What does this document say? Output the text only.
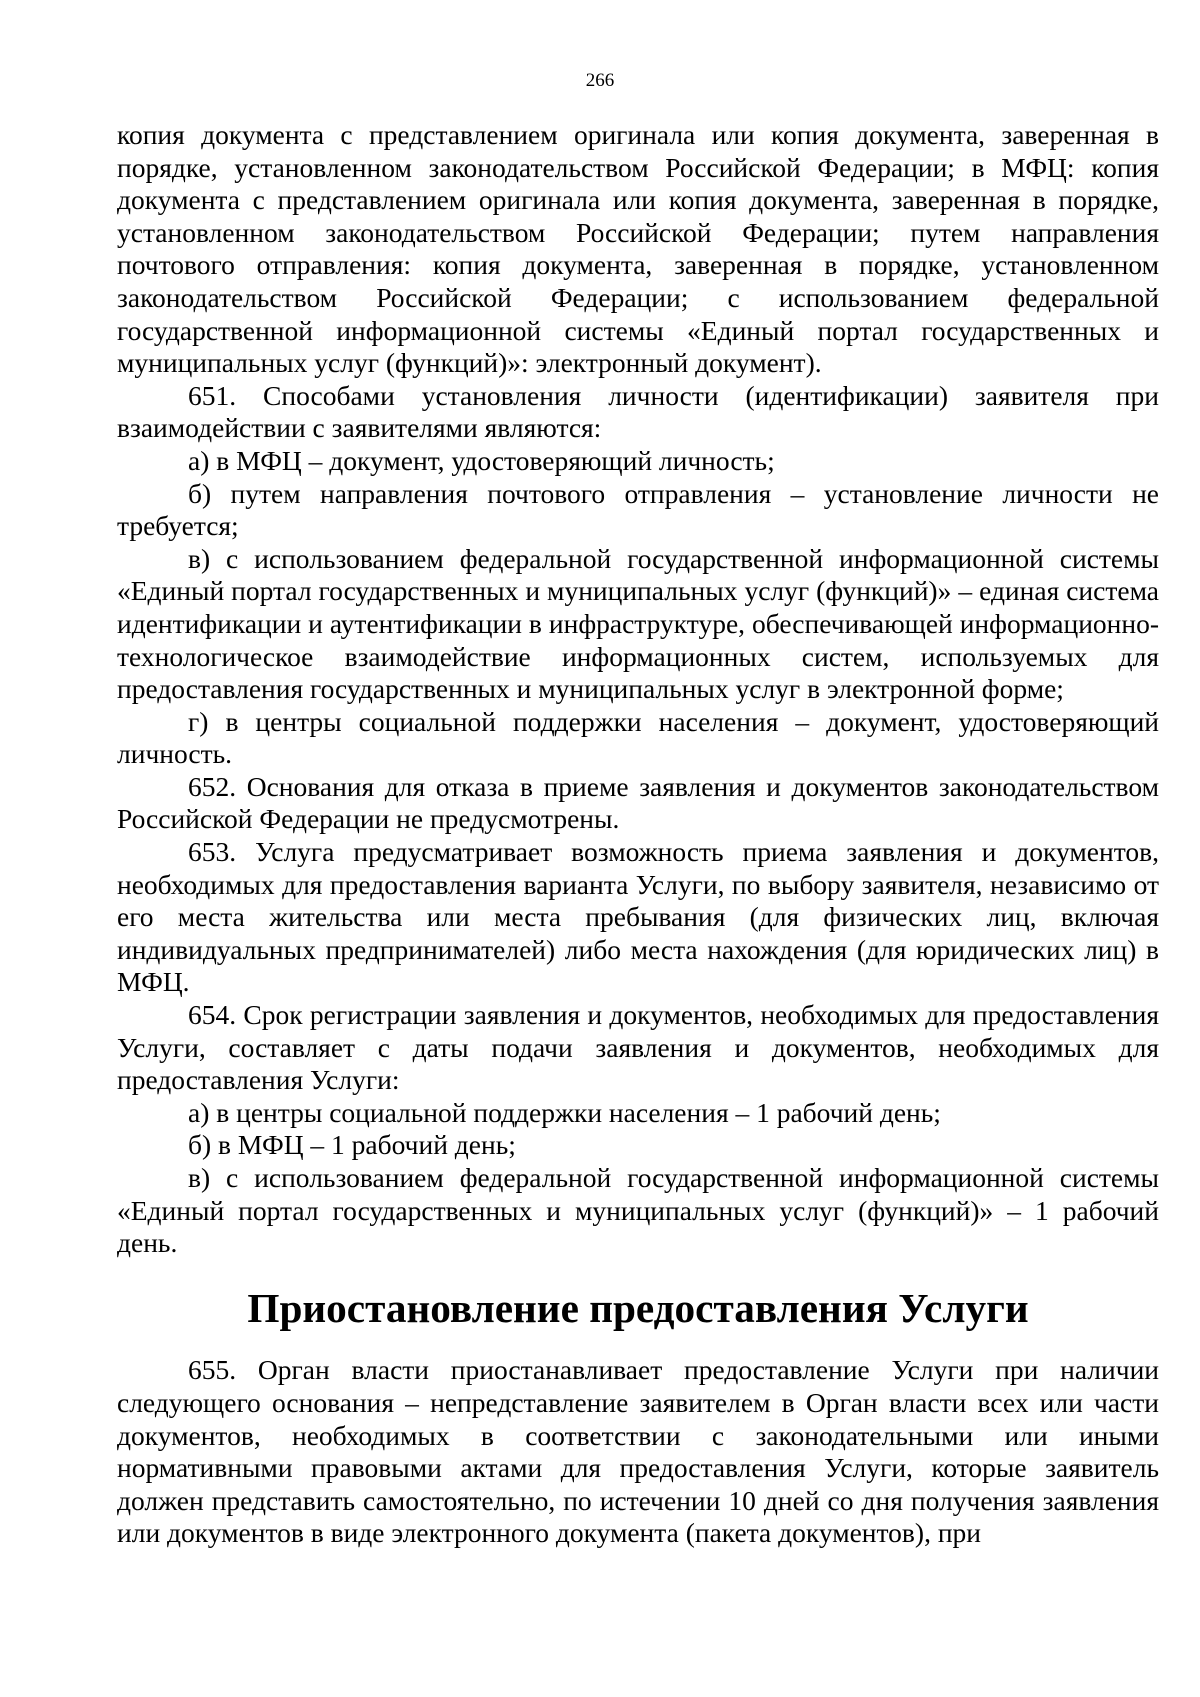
266

копия документа с представлением оригинала или копия документа, заверенная в порядке, установленном законодательством Российской Федерации; в МФЦ: копия документа с представлением оригинала или копия документа, заверенная в порядке, установленном законодательством Российской Федерации; путем направления почтового отправления: копия документа, заверенная в порядке, установленном законодательством Российской Федерации; с использованием федеральной государственной информационной системы «Единый портал государственных и муниципальных услуг (функций)»: электронный документ).

651. Способами установления личности (идентификации) заявителя при взаимодействии с заявителями являются:

а) в МФЦ – документ, удостоверяющий личность;

б) путем направления почтового отправления – установление личности не требуется;

в) с использованием федеральной государственной информационной системы «Единый портал государственных и муниципальных услуг (функций)» – единая система идентификации и аутентификации в инфраструктуре, обеспечивающей информационно-технологическое взаимодействие информационных систем, используемых для предоставления государственных и муниципальных услуг в электронной форме;

г) в центры социальной поддержки населения – документ, удостоверяющий личность.

652. Основания для отказа в приеме заявления и документов законодательством Российской Федерации не предусмотрены.

653. Услуга предусматривает возможность приема заявления и документов, необходимых для предоставления варианта Услуги, по выбору заявителя, независимо от его места жительства или места пребывания (для физических лиц, включая индивидуальных предпринимателей) либо места нахождения (для юридических лиц) в МФЦ.

654. Срок регистрации заявления и документов, необходимых для предоставления Услуги, составляет с даты подачи заявления и документов, необходимых для предоставления Услуги:

а) в центры социальной поддержки населения – 1 рабочий день;

б) в МФЦ – 1 рабочий день;

в) с использованием федеральной государственной информационной системы «Единый портал государственных и муниципальных услуг (функций)» – 1 рабочий день.

Приостановление предоставления Услуги

655. Орган власти приостанавливает предоставление Услуги при наличии следующего основания – непредставление заявителем в Орган власти всех или части документов, необходимых в соответствии с законодательными или иными нормативными правовыми актами для предоставления Услуги, которые заявитель должен представить самостоятельно, по истечении 10 дней со дня получения заявления или документов в виде электронного документа (пакета документов), при
